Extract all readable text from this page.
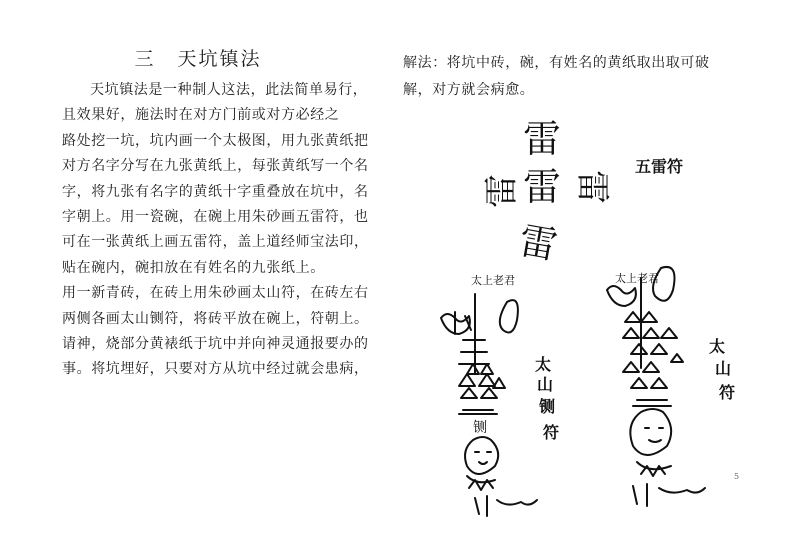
三 天坑镇法

天坑镇法是一种制人这法，此法简单易行，

且效果好，施法时在对方门前或对方必经之

路处挖一坑，坑内画一个太极图，用九张黄纸把

对方名字分写在九张黄纸上，每张黄纸写一个名

字，将九张有名字的黄纸十字重叠放在坑中，名

字朝上。用一瓷碗，在碗上用朱砂画五雷符，也

可在一张黄纸上画五雷符，盖上道经师宝法印，

贴在碗内，碗扣放在有姓名的九张纸上。

用一新青砖，在砖上用朱砂画太山符，在砖左右

两侧各画太山铡符，将砖平放在碗上，符朝上。

请神，烧部分黄裱纸于坑中并向神灵通报要办的

事。将坑埋好，只要对方从坑中经过就会患病，

解法：将坑中砖，碗，有姓名的黄纸取出取可破

解，对方就会病愈。

雷
雷
雷
雷 雷
五雷符
太上老君
铡
太 山 铡 符
太上老君
太 山 符
5
